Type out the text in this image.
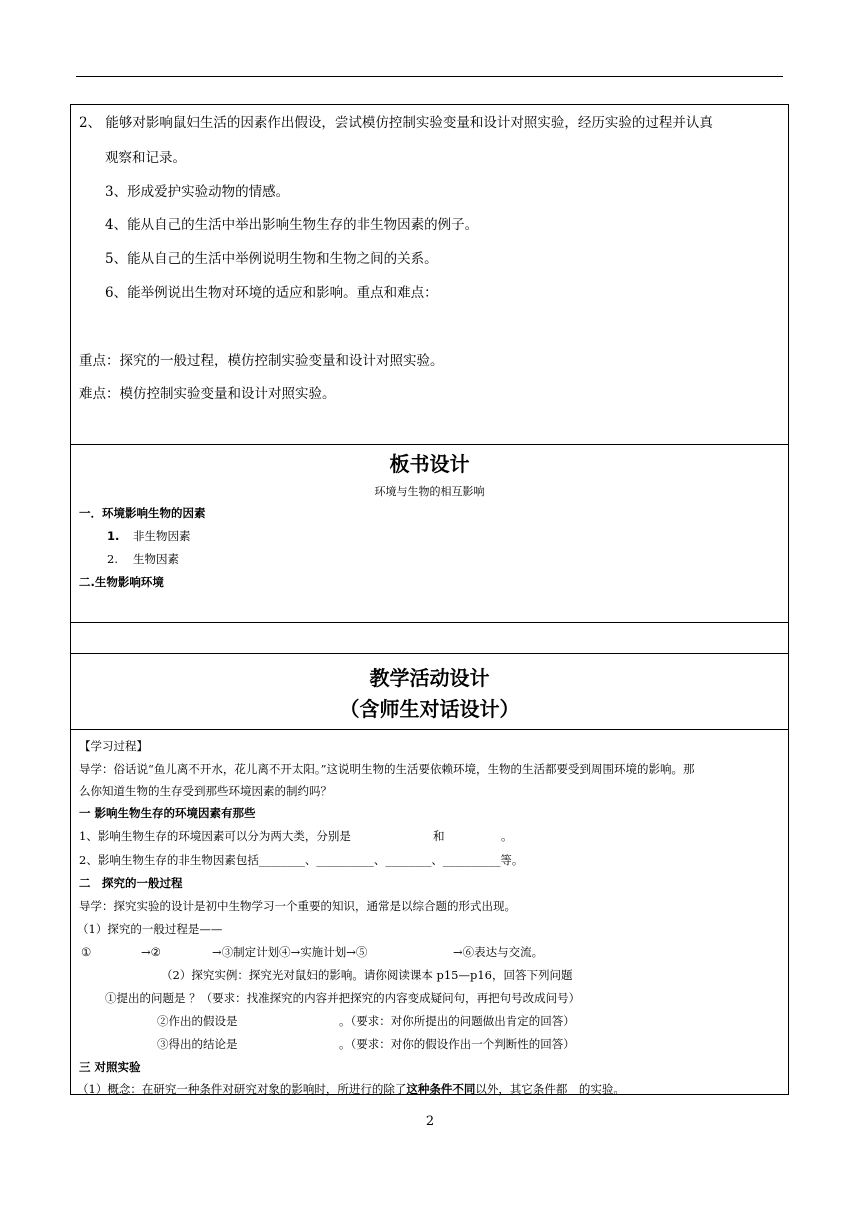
2、 能够对影响鼠妇生活的因素作出假设，尝试模仿控制实验变量和设计对照实验，经历实验的过程并认真
观察和记录。
3、形成爱护实验动物的情感。
4、能从自己的生活中举出影响生物生存的非生物因素的例子。
5、能从自己的生活中举例说明生物和生物之间的关系。
6、能举例说出生物对环境的适应和影响。重点和难点：
重点：探究的一般过程，模仿控制实验变量和设计对照实验。
难点：模仿控制实验变量和设计对照实验。
板书设计
环境与生物的相互影响
一．环境影响生物的因素
1. 非生物因素
2. 生物因素
二.生物影响环境
教学活动设计
（含师生对话设计）
【学习过程】
导学：俗话说“鱼儿离不开水，花儿离不开太阳。”这说明生物的生活要依赖环境，生物的生活都要受到周围环境的影响。那
么你知道生物的生存受到那些环境因素的制约吗？
一 影响生物生存的环境因素有那些
1、影响生物生存的环境因素可以分为两大类，分别是	和	。
2、影响生物生存的非生物因素包括________、__________、________、__________等。
二　探究的一般过程
导学：探究实验的设计是初中生物学习一个重要的知识，通常是以综合题的形式出现。
（1）探究的一般过程是——
①	→②	→③制定计划④→实施计划→⑤	→⑥表达与交流。
（2）探究实例：探究光对鼠妇的影响。请你阅读课本 p15—p16，回答下列问题
①提出的问题是 ？（要求：找准探究的内容并把探究的内容变成疑问句，再把句号改成问号）
②作出的假设是	。（要求：对你所提出的问题做出肯定的回答）
③得出的结论是	。（要求：对你的假设作出一个判断性的回答）
三 对照实验
（1）概念：在研究一种条件对研究对象的影响时，所进行的除了这种条件不同以外，其它条件都　的实验。
2
